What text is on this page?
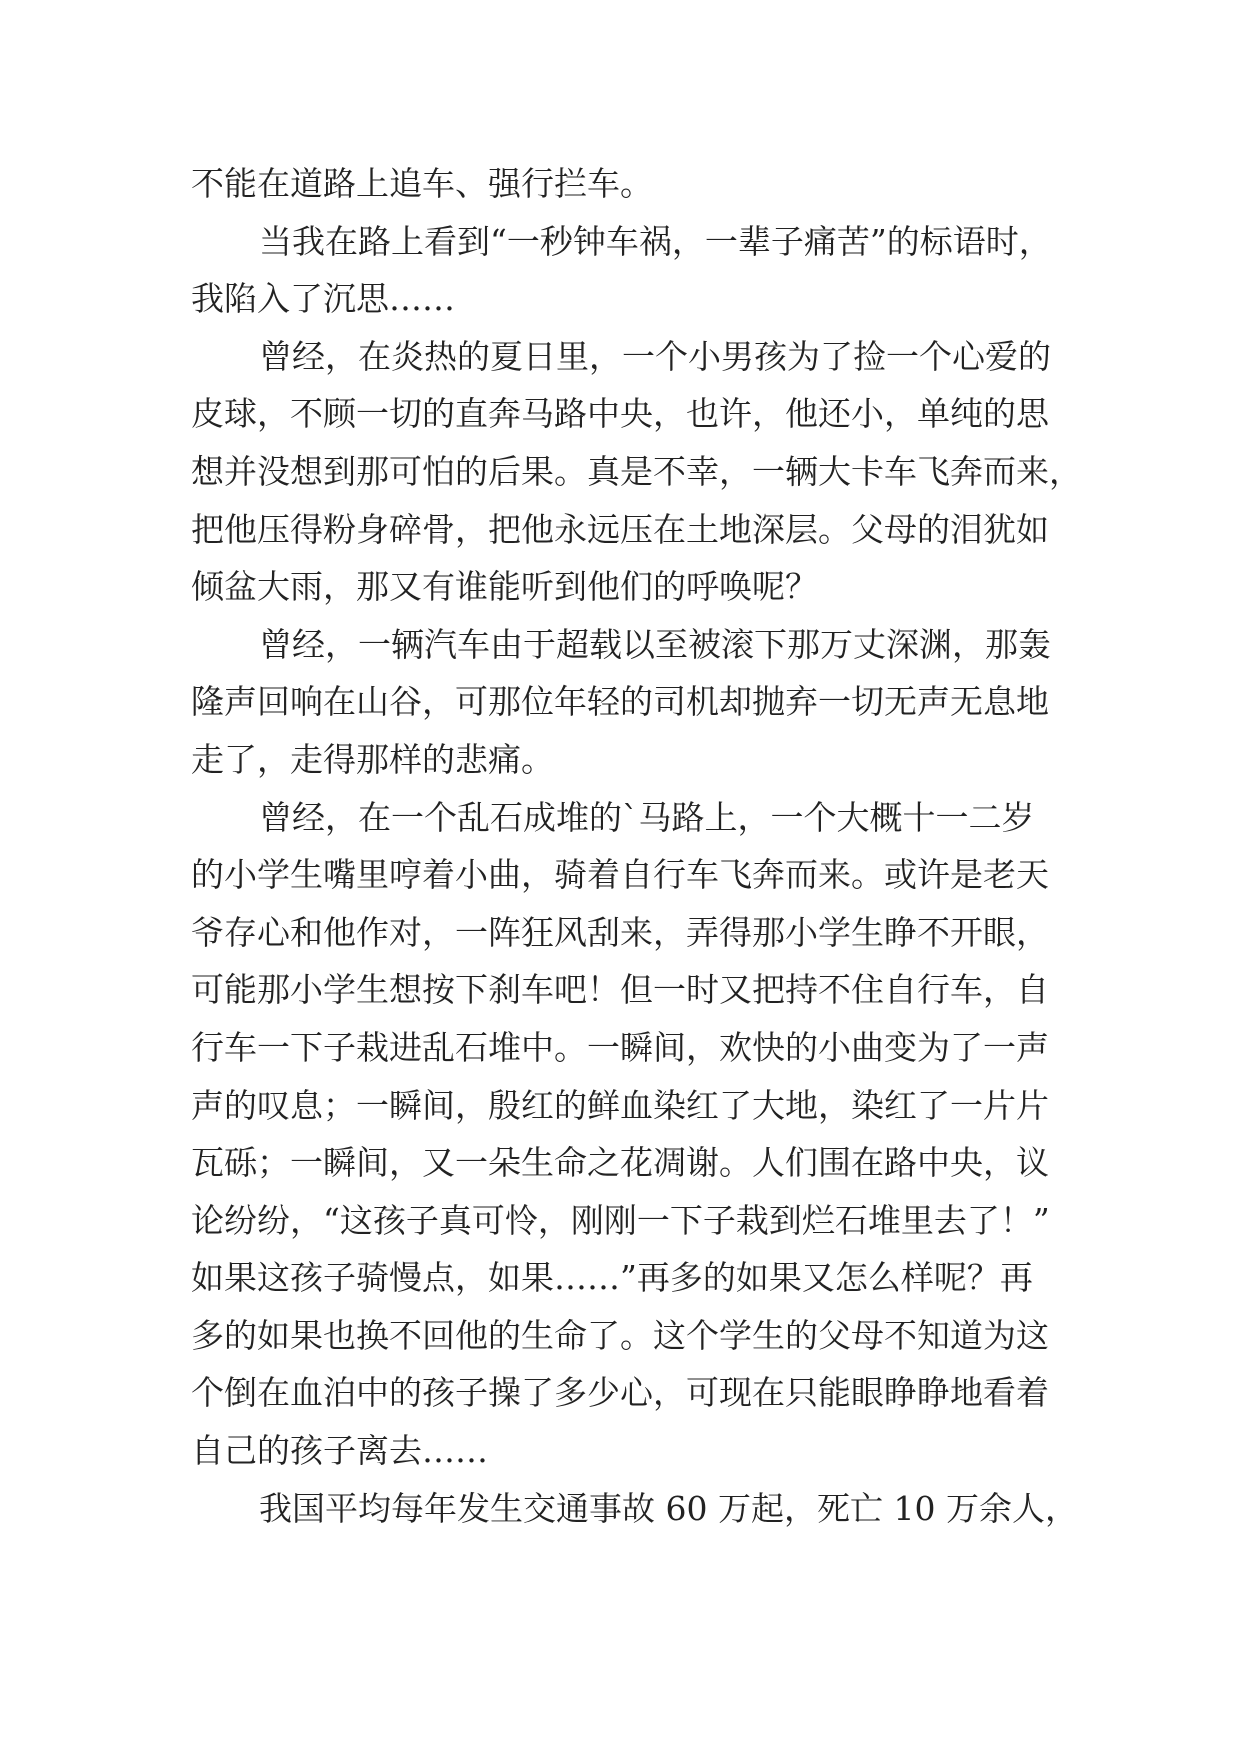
不能在道路上追车、强行拦车。
当我在路上看到“一秒钟车祸，一辈子痛苦”的标语时，
我陷入了沉思……
曾经，在炎热的夏日里，一个小男孩为了捡一个心爱的
皮球，不顾一切的直奔马路中央，也许，他还小，单纯的思
想并没想到那可怕的后果。真是不幸，一辆大卡车飞奔而来，
把他压得粉身碎骨，把他永远压在土地深层。父母的泪犹如
倾盆大雨，那又有谁能听到他们的呼唤呢？
曾经，一辆汽车由于超载以至被滚下那万丈深渊，那轰
隆声回响在山谷，可那位年轻的司机却抛弃一切无声无息地
走了，走得那样的悲痛。
曾经，在一个乱石成堆的`马路上，一个大概十一二岁
的小学生嘴里哼着小曲，骑着自行车飞奔而来。或许是老天
爷存心和他作对，一阵狂风刮来，弄得那小学生睁不开眼，
可能那小学生想按下刹车吧！但一时又把持不住自行车，自
行车一下子栽进乱石堆中。一瞬间，欢快的小曲变为了一声
声的叹息；一瞬间，殷红的鲜血染红了大地，染红了一片片
瓦砾；一瞬间，又一朵生命之花凋谢。人们围在路中央，议
论纷纷，“这孩子真可怜，刚刚一下子栽到烂石堆里去了！”
如果这孩子骑慢点，如果……”再多的如果又怎么样呢？再
多的如果也换不回他的生命了。这个学生的父母不知道为这
个倒在血泊中的孩子操了多少心，可现在只能眼睁睁地看着
自己的孩子离去……
我国平均每年发生交通事故 60 万起，死亡 10 万余人，
